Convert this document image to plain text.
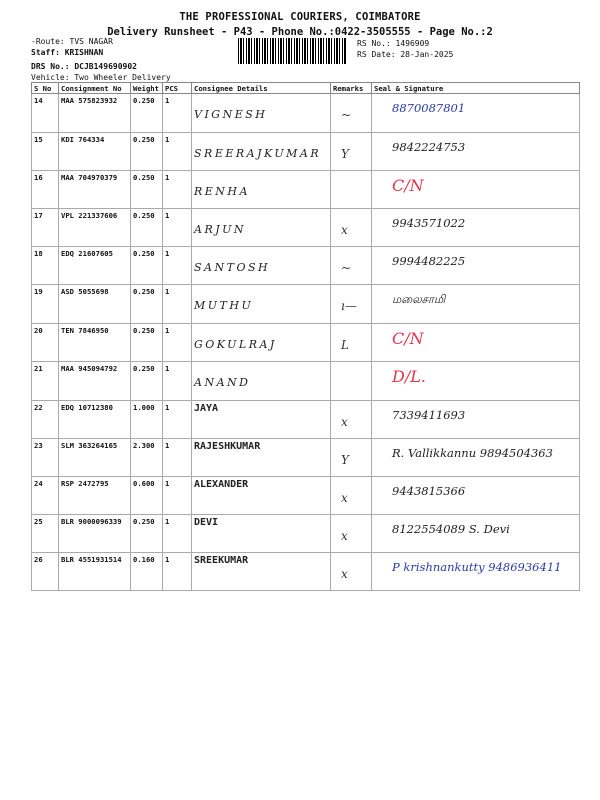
THE PROFESSIONAL COURIERS, COIMBATORE
Delivery Runsheet - P43 - Phone No.:0422-3505555 - Page No.:2
-Route: TVS NAGAR
Staff: KRISHNAN
DRS No.: DCJB149690902
Vehicle: Two Wheeler Delivery
RS No.: 1496909
RS Date: 28-Jan-2025
S No	Consignment No	Weight	PCS	Consignee Details	Remarks	Seal & Signature
14	MAA 575823932	0.250	1	VIGNESH	~	8870087801
15	KDI 764334	0.250	1	SREERAJKUMAR	Y	9842224753
16	MAA 704970379	0.250	1	RENHA		C/N
17	VPL 221337606	0.250	1	ARJUN	x	9943571022
18	EDQ 21607605	0.250	1	SANTOSH	~	9994482225
19	ASD 5055698	0.250	1	MUTHU	ı—	மலைசாமி
20	TEN 7846950	0.250	1	GOKULRAJ	L	C/N
21	MAA 945094792	0.250	1	ANAND		D/L.
22	EDQ 10712380	1.000	1	JAYA	x	7339411693
23	SLM 363264165	2.300	1	RAJESHKUMAR	Y	R. Vallikkannu 9894504363
24	RSP 2472795	0.600	1	ALEXANDER	x	9443815366
25	BLR 9000096339	0.250	1	DEVI	x	8122554089 S. Devi
26	BLR 4551931514	0.160	1	SREEKUMAR	x	P krishnankutty 9486936411
